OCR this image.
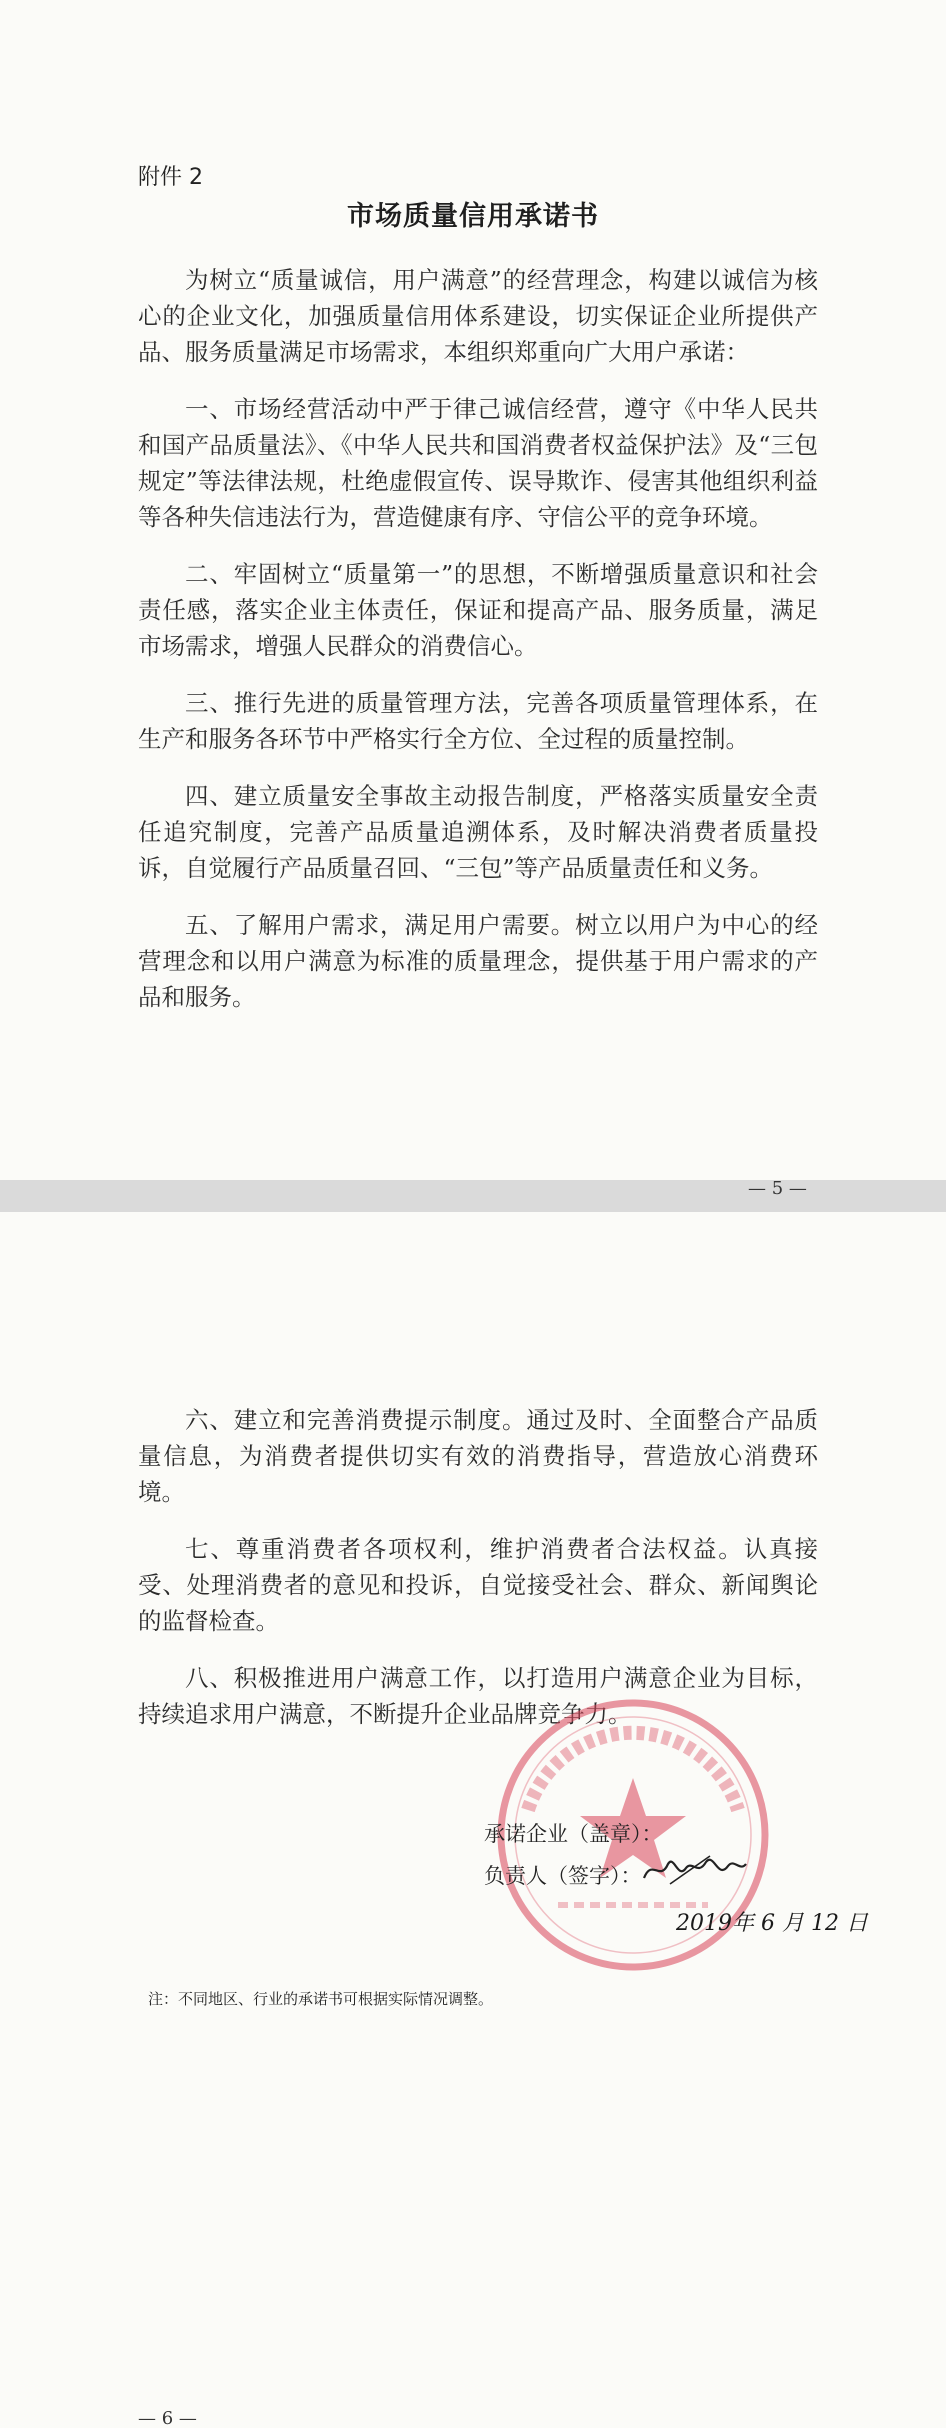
附件 2
市场质量信用承诺书

为树立“质量诚信，用户满意”的经营理念，构建以诚信为核心的企业文化，加强质量信用体系建设，切实保证企业所提供产品、服务质量满足市场需求，本组织郑重向广大用户承诺：

一、市场经营活动中严于律己诚信经营，遵守《中华人民共和国产品质量法》、《中华人民共和国消费者权益保护法》及“三包规定”等法律法规，杜绝虚假宣传、误导欺诈、侵害其他组织利益等各种失信违法行为，营造健康有序、守信公平的竞争环境。

二、牢固树立“质量第一”的思想，不断增强质量意识和社会责任感，落实企业主体责任，保证和提高产品、服务质量，满足市场需求，增强人民群众的消费信心。

三、推行先进的质量管理方法，完善各项质量管理体系，在生产和服务各环节中严格实行全方位、全过程的质量控制。

四、建立质量安全事故主动报告制度，严格落实质量安全责任追究制度，完善产品质量追溯体系，及时解决消费者质量投诉，自觉履行产品质量召回、“三包”等产品质量责任和义务。

五、了解用户需求，满足用户需要。树立以用户为中心的经营理念和以用户满意为标准的质量理念，提供基于用户需求的产品和服务。

— 5 —

六、建立和完善消费提示制度。通过及时、全面整合产品质量信息，为消费者提供切实有效的消费指导，营造放心消费环境。

七、尊重消费者各项权利，维护消费者合法权益。认真接受、处理消费者的意见和投诉，自觉接受社会、群众、新闻舆论的监督检查。

八、积极推进用户满意工作，以打造用户满意企业为目标，持续追求用户满意，不断提升企业品牌竞争力。

承诺企业（盖章）：
负责人（签字）：
2019年 6 月 12 日
注：不同地区、行业的承诺书可根据实际情况调整。
— 6 —
